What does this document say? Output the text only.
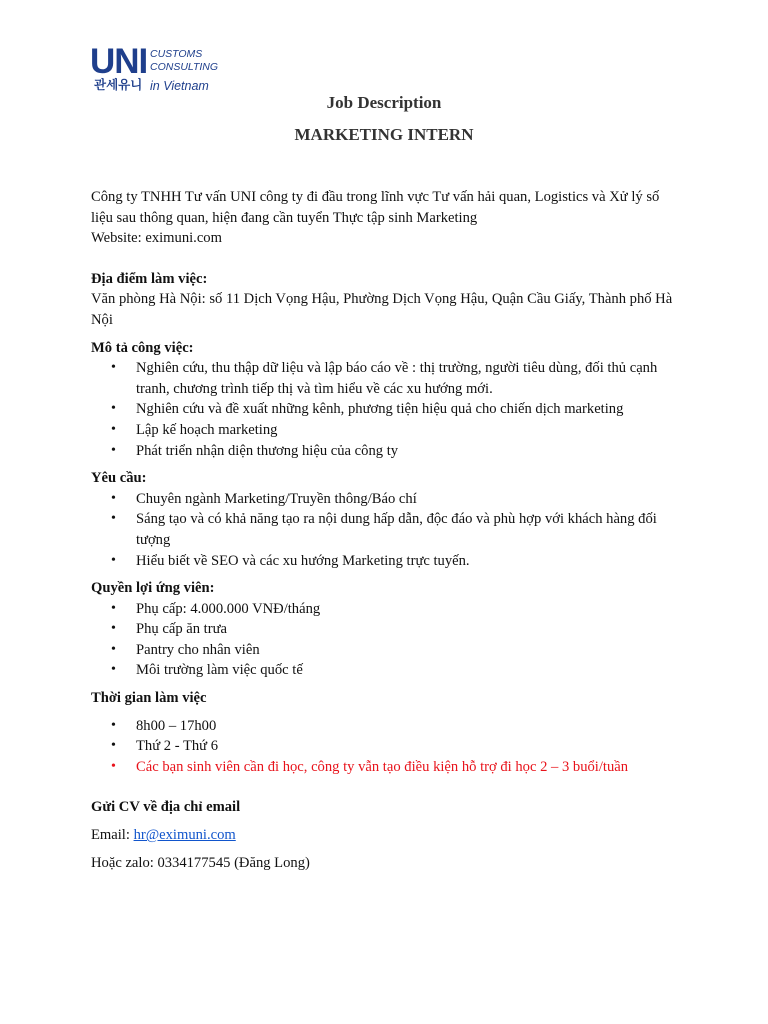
UNI CUSTOMS
CONSULTING
관세유니 in Vietnam
Job Description
MARKETING INTERN

Công ty TNHH Tư vấn UNI công ty đi đầu trong lĩnh vực Tư vấn hải quan, Logistics và Xử lý số liệu sau thông quan, hiện đang cần tuyển Thực tập sinh Marketing

Website: eximuni.com

Địa điểm làm việc:

Văn phòng Hà Nội: số 11 Dịch Vọng Hậu, Phường Dịch Vọng Hậu, Quận Cầu Giấy, Thành phố Hà Nội

Mô tả công việc:

• Nghiên cứu, thu thập dữ liệu và lập báo cáo về : thị trường, người tiêu dùng, đối thủ cạnh tranh, chương trình tiếp thị và tìm hiểu về các xu hướng mới.
• Nghiên cứu và đề xuất những kênh, phương tiện hiệu quả cho chiến dịch marketing
• Lập kế hoạch marketing
• Phát triển nhận diện thương hiệu của công ty

Yêu cầu:

• Chuyên ngành Marketing/Truyền thông/Báo chí
• Sáng tạo và có khả năng tạo ra nội dung hấp dẫn, độc đáo và phù hợp với khách hàng đối tượng
• Hiểu biết về SEO và các xu hướng Marketing trực tuyến.

Quyền lợi ứng viên:

• Phụ cấp: 4.000.000 VNĐ/tháng
• Phụ cấp ăn trưa
• Pantry cho nhân viên
• Môi trường làm việc quốc tế

Thời gian làm việc

• 8h00 – 17h00
• Thứ 2 - Thứ 6
• Các bạn sinh viên cần đi học, công ty vẫn tạo điều kiện hỗ trợ đi học 2 – 3 buổi/tuần

Gửi CV về địa chỉ email

Email: hr@eximuni.com

Hoặc zalo: 0334177545 (Đăng Long)
